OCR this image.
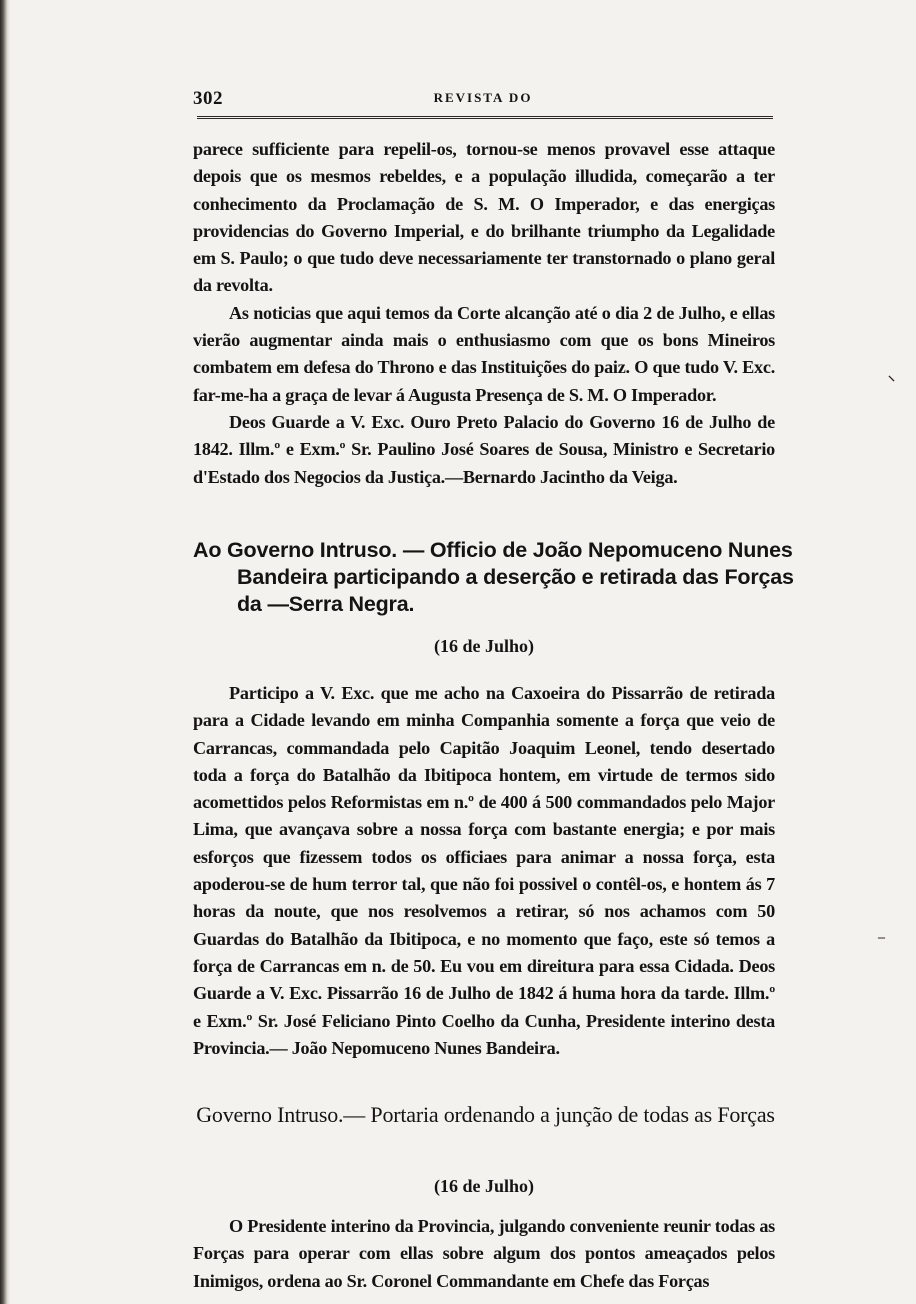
302	REVISTA DO

parece sufficiente para repelil-os, tornou-se menos provavel esse attaque depois que os mesmos rebeldes, e a população illudida, começarão a ter conhecimento da Proclamação de S. M. O Imperador, e das energiças providencias do Governo Imperial, e do brilhante triumpho da Legalidade em S. Paulo; o que tudo deve necessariamente ter transtornado o plano geral da revolta.

As noticias que aqui temos da Corte alcanção até o dia 2 de Julho, e ellas vierão augmentar ainda mais o enthusiasmo com que os bons Mineiros combatem em defesa do Throno e das Instituições do paiz. O que tudo V. Exc. far-me-ha a graça de levar á Augusta Presença de S. M. O Imperador.

Deos Guarde a V. Exc. Ouro Preto Palacio do Governo 16 de Julho de 1842. Illm.º e Exm.º Sr. Paulino José Soares de Sousa, Ministro e Secretario d'Estado dos Negocios da Justiça.—Bernardo Jacintho da Veiga.

Ao Governo Intruso. — Officio de João Nepomuceno Nunes Bandeira participando a deserção e retirada das Forças da —Serra Negra.
(16 de Julho)

Participo a V. Exc. que me acho na Caxoeira do Pissarrão de retirada para a Cidade levando em minha Companhia somente a força que veio de Carrancas, commandada pelo Capitão Joaquim Leonel, tendo desertado toda a força do Batalhão da Ibitipoca hontem, em virtude de termos sido acomettidos pelos Reformistas em n.º de 400 á 500 commandados pelo Major Lima, que avançava sobre a nossa força com bastante energia; e por mais esforços que fizessem todos os officiaes para animar a nossa força, esta apoderou-se de hum terror tal, que não foi possivel o contêl-os, e hontem ás 7 horas da noute, que nos resolvemos a retirar, só nos achamos com 50 Guardas do Batalhão da Ibitipoca, e no momento que faço, este só temos a força de Carrancas em n. de 50. Eu vou em direitura para essa Cidada. Deos Guarde a V. Exc. Pissarrão 16 de Julho de 1842 á huma hora da tarde. Illm.º e Exm.º Sr. José Feliciano Pinto Coelho da Cunha, Presidente interino desta Provincia.— João Nepomuceno Nunes Bandeira.

Governo Intruso.— Portaria ordenando a junção de todas as Forças
(16 de Julho)

O Presidente interino da Provincia, julgando conveniente reunir todas as Forças para operar com ellas sobre algum dos pontos ameaçados pelos Inimigos, ordena ao Sr. Coronel Commandante em Chefe das Forças

⸜
–
